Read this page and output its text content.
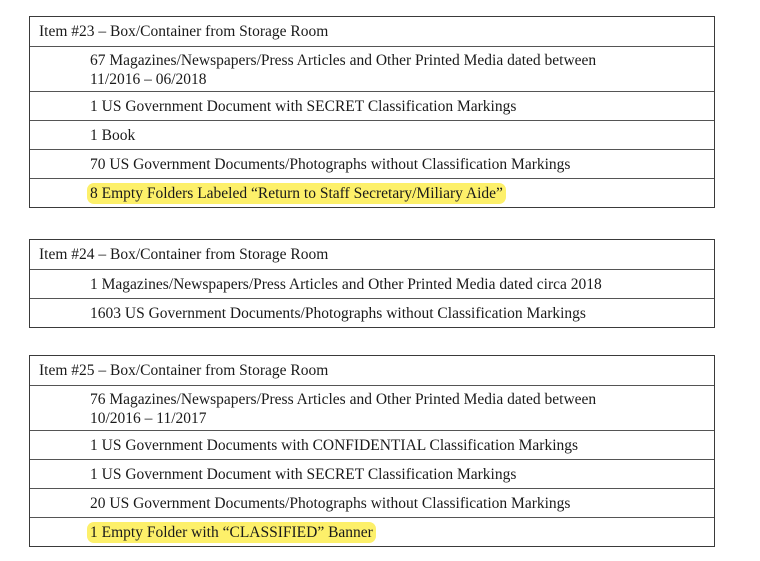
Item #23 – Box/Container from Storage Room
67 Magazines/Newspapers/Press Articles and Other Printed Media dated between 11/2016 – 06/2018
1 US Government Document with SECRET Classification Markings
1 Book
70 US Government Documents/Photographs without Classification Markings
8 Empty Folders Labeled “Return to Staff Secretary/Miliary Aide”
Item #24 – Box/Container from Storage Room
1 Magazines/Newspapers/Press Articles and Other Printed Media dated circa 2018
1603 US Government Documents/Photographs without Classification Markings
Item #25 – Box/Container from Storage Room
76 Magazines/Newspapers/Press Articles and Other Printed Media dated between 10/2016 – 11/2017
1 US Government Documents with CONFIDENTIAL Classification Markings
1 US Government Document with SECRET Classification Markings
20 US Government Documents/Photographs without Classification Markings
1 Empty Folder with “CLASSIFIED” Banner
